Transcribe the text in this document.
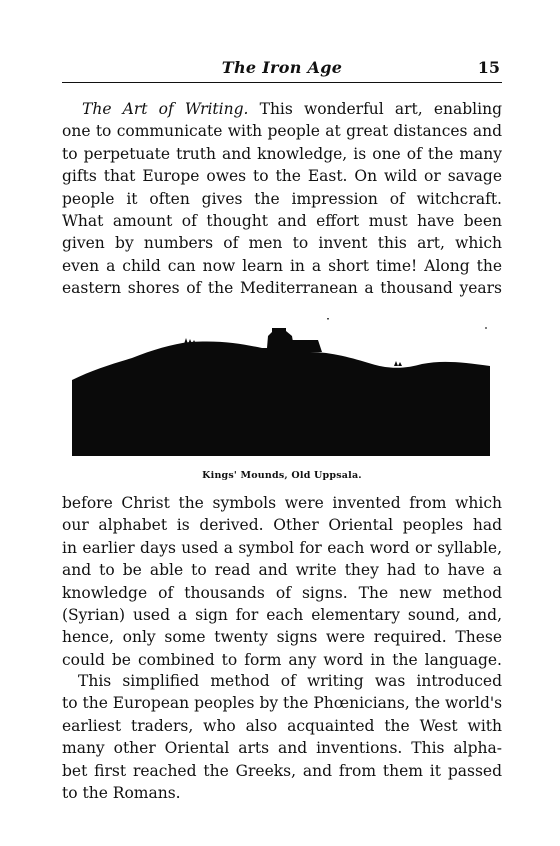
The Iron Age	15
The Art of Writing. This wonderful art, enabling
one to communicate with people at great distances and
to perpetuate truth and knowledge, is one of the many
gifts that Europe owes to the East. On wild or savage
people it often gives the impression of witchcraft.
What amount of thought and effort must have been
given by numbers of men to invent this art, which
even a child can now learn in a short time! Along the
eastern shores of the Mediterranean a thousand years
Kings' Mounds, Old Uppsala.
before Christ the symbols were invented from which
our alphabet is derived. Other Oriental peoples had
in earlier days used a symbol for each word or syllable,
and to be able to read and write they had to have a
knowledge of thousands of signs. The new method
(Syrian) used a sign for each elementary sound, and,
hence, only some twenty signs were required. These
could be combined to form any word in the language.
This simplified method of writing was introduced
to the European peoples by the Phœnicians, the world's
earliest traders, who also acquainted the West with
many other Oriental arts and inventions. This alpha-
bet first reached the Greeks, and from them it passed
to the Romans.
